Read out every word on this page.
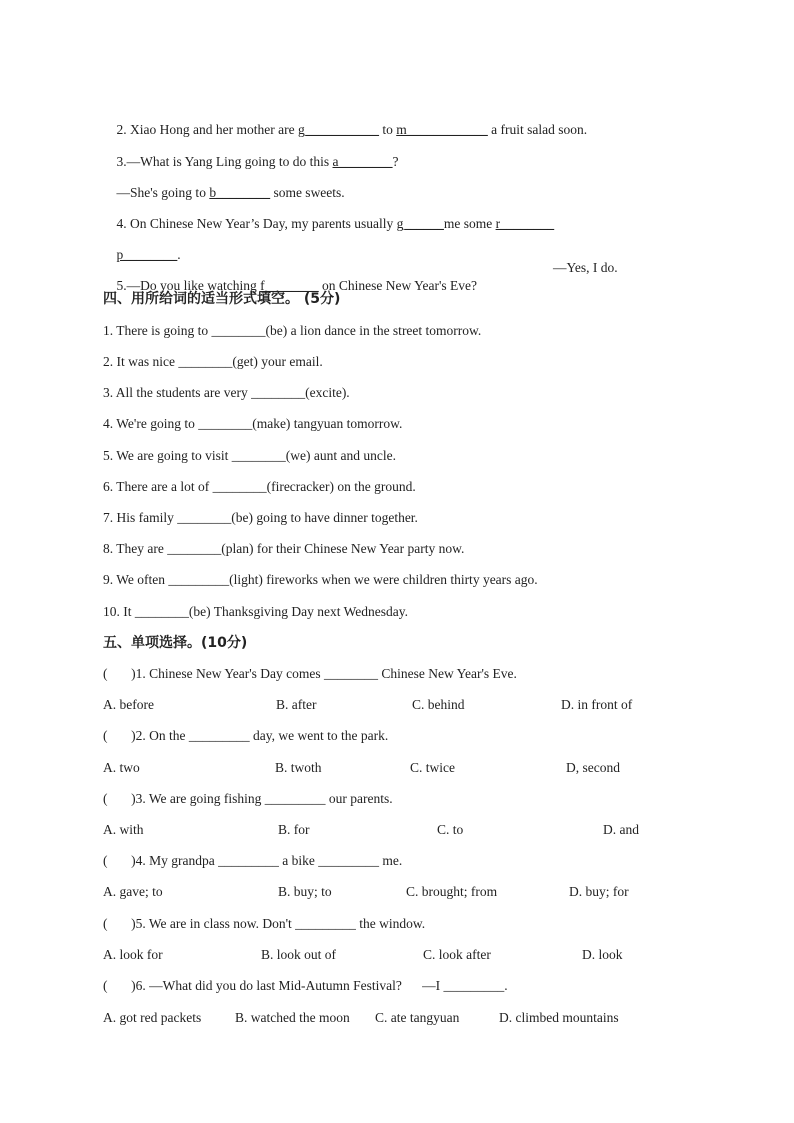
2. Xiao Hong and her mother are g___________ to m____________ a fruit salad soon.

3.—What is Yang Ling going to do this a________?

—She's going to b________ some sweets.

4. On Chinese New Year’s Day, my parents usually g______me some r________

p________.

5.—Do you like watching f________ on Chinese New Year's Eve?

—Yes, I do.
四、用所给词的适当形式填空。 (5分)
1. There is going to ________(be) a lion dance in the street tomorrow.
2. It was nice ________(get) your email.
3. All the students are very ________(excite).
4. We're going to ________(make) tangyuan tomorrow.
5. We are going to visit ________(we) aunt and uncle.
6. There are a lot of ________(firecracker) on the ground.
7. His family ________(be) going to have dinner together.
8. They are ________(plan) for their Chinese New Year party now.
9. We often _________(light) fireworks when we were children thirty years ago.
10. It ________(be) Thanksgiving Day next Wednesday.
五、单项选择。(10分)
(       )1. Chinese New Year's Day comes ________ Chinese New Year's Eve.
A. before	B. after	C. behind	D. in front of
(       )2. On the _________ day, we went to the park.
A. two	B. twoth	C. twice	D, second
(       )3. We are going fishing _________ our parents.
A. with	B. for	C. to	D. and
(       )4. My grandpa _________ a bike _________ me.
A. gave; to	B. buy; to	C. brought; from	D. buy; for
(       )5. We are in class now. Don't _________ the window.
A. look for	B. look out of	C. look after	D. look
(       )6. —What did you do last Mid-Autumn Festival?      —I _________.
A. got red packets	B. watched the moon C. ate tangyuan	D. climbed mountains
